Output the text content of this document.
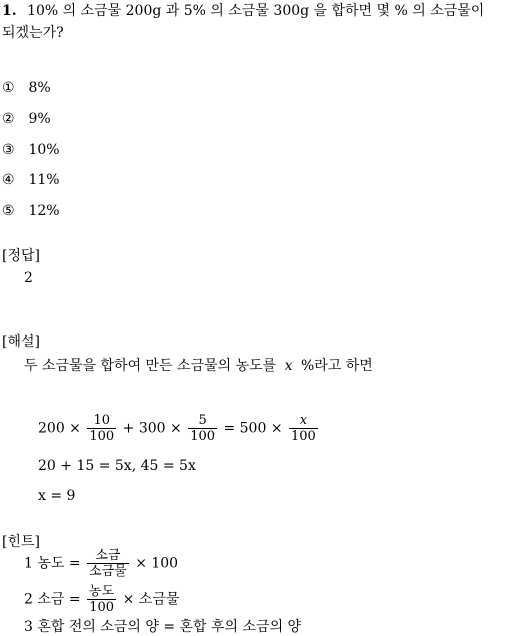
1. 10% 의 소금물 200g 과 5% 의 소금물 300g 을 합하면 몇 % 의 소금물이
되겠는가?
① 8%
② 9%
③ 10%
④ 11%
⑤ 12%
[정답]
2
[해설]
두 소금물을 합하여 만든 소금물의 농도를 x %라고 하면
$200 \times \frac{10}{100} + 300 \times \frac{5}{100} = 500 \times \frac{x}{100}$
20 + 15 = 5x, 45 = 5x
x = 9
[힌트]
1 농도 = $\frac{\text{소금}}{\text{소금물}} \times 100$
2 소금 = $\frac{\text{농도}}{100}$ × 소금물
3 혼합 전의 소금의 양 = 혼합 후의 소금의 양
